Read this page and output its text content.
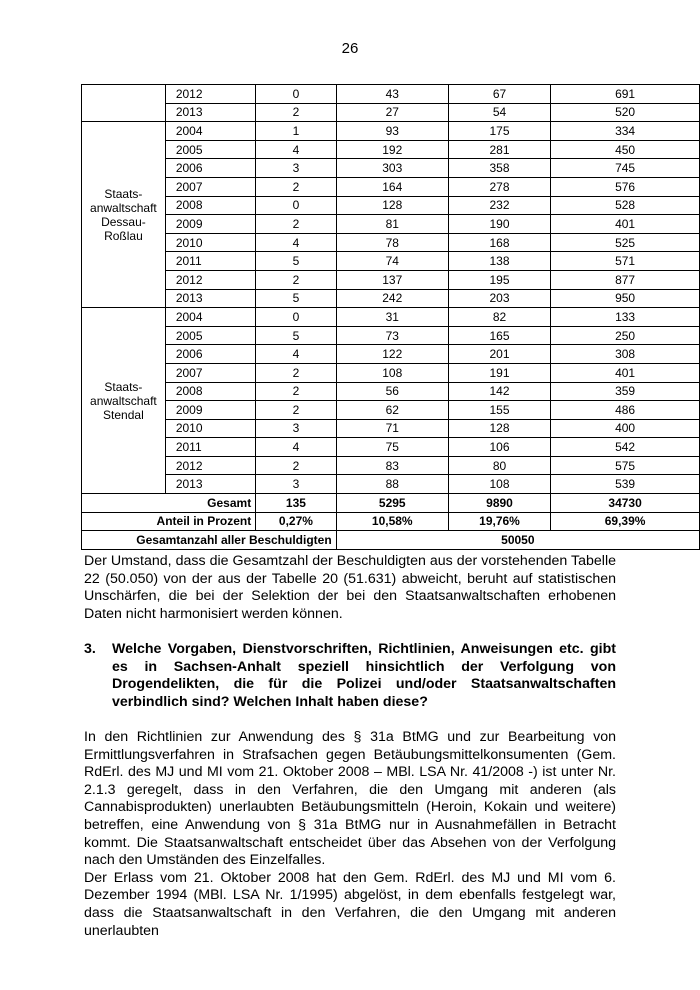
26
	2012	0	43	67	691
	2013	2	27	54	520
Staats-
anwaltschaft
Dessau-
Roßlau	2004	1	93	175	334
	2005	4	192	281	450
	2006	3	303	358	745
	2007	2	164	278	576
	2008	0	128	232	528
	2009	2	81	190	401
	2010	4	78	168	525
	2011	5	74	138	571
	2012	2	137	195	877
	2013	5	242	203	950
Staats-
anwaltschaft
Stendal	2004	0	31	82	133
	2005	5	73	165	250
	2006	4	122	201	308
	2007	2	108	191	401
	2008	2	56	142	359
	2009	2	62	155	486
	2010	3	71	128	400
	2011	4	75	106	542
	2012	2	83	80	575
	2013	3	88	108	539
Gesamt		135	5295	9890	34730
Anteil in Prozent		0,27%	10,58%	19,76%	69,39%
Gesamtanzahl aller Beschuldigten			50050		

Der Umstand, dass die Gesamtzahl der Beschuldigten aus der vorstehenden Tabelle 22 (50.050) von der aus der Tabelle 20 (51.631) abweicht, beruht auf statistischen Unschärfen, die bei der Selektion der bei den Staatsanwaltschaften erhobenen Daten nicht harmonisiert werden können.

3. Welche Vorgaben, Dienstvorschriften, Richtlinien, Anweisungen etc. gibt es in Sachsen-Anhalt speziell hinsichtlich der Verfolgung von Drogendelikten, die für die Polizei und/oder Staatsanwaltschaften verbindlich sind? Welchen Inhalt haben diese?

In den Richtlinien zur Anwendung des § 31a BtMG und zur Bearbeitung von Ermittlungsverfahren in Strafsachen gegen Betäubungsmittelkonsumenten (Gem. RdErl. des MJ und MI vom 21. Oktober 2008 – MBl. LSA Nr. 41/2008 -) ist unter Nr. 2.1.3 geregelt, dass in den Verfahren, die den Umgang mit anderen (als Cannabisprodukten) unerlaubten Betäubungsmitteln (Heroin, Kokain und weitere) betreffen, eine Anwendung von § 31a BtMG nur in Ausnahmefällen in Betracht kommt. Die Staatsanwaltschaft entscheidet über das Absehen von der Verfolgung nach den Umständen des Einzelfalles.

Der Erlass vom 21. Oktober 2008 hat den Gem. RdErl. des MJ und MI vom 6. Dezember 1994 (MBl. LSA Nr. 1/1995) abgelöst, in dem ebenfalls festgelegt war, dass die Staatsanwaltschaft in den Verfahren, die den Umgang mit anderen unerlaubten
